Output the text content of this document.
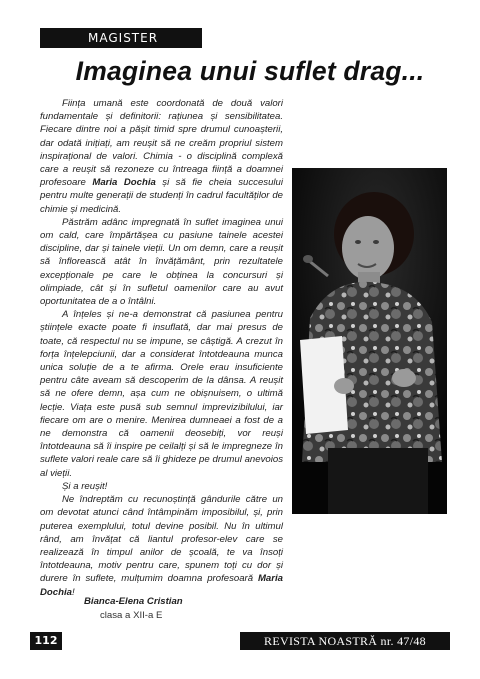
MAGISTER
Imaginea unui suflet drag...

Ființa umană este coordonată de două valori fundamentale și definitorii: rațiunea și sensibilitatea. Fiecare dintre noi a pășit timid spre drumul cunoașterii, dar odată inițiați, am reușit să ne creăm propriul sistem inspirațional de valori. Chimia - o disciplină complexă care a reușit să rezoneze cu întreaga ființă a doamnei profesoare Maria Dochia și să fie cheia succesului pentru multe generații de studenți în cadrul facultăților de chimie și medicină.

Păstrăm adânc impregnată în suflet imaginea unui om cald, care împărtășea cu pasiune tainele acestei discipline, dar și tainele vieții. Un om demn, care a reușit să înflorească atât în învățământ, prin rezultatele excepționale pe care le obținea la concursuri și olimpiade, cât și în sufletul oamenilor care au avut oportunitatea de a o întâlni.

A înțeles și ne-a demonstrat că pasiunea pentru științele exacte poate fi insuflată, dar mai presus de toate, că respectul nu se impune, se câștigă. A crezut în forța înțelepciunii, dar a considerat întotdeauna munca unica soluție de a te afirma. Orele erau insuficiente pentru câte aveam să descoperim de la dânsa. A reușit să ne ofere demn, așa cum ne obișnuisem, o ultimă lecție. Viața este pusă sub semnul imprevizibilului, iar fiecare om are o menire. Menirea dumneaei a fost de a ne demonstra că oamenii deosebiți, vor reuși întotdeauna să îi inspire pe ceilalți și să le impregneze în suflete valori reale care să îi ghideze pe drumul anevoios al vieții.

Și a reușit!

Ne îndreptăm cu recunoștință gândurile către un om devotat atunci când întâmpinăm imposibilul, și, prin puterea exemplului, totul devine posibil. Nu în ultimul rând, am învățat că liantul profesor-elev care se realizează în timpul anilor de școală, te va însoți întotdeauna, motiv pentru care, spunem toți cu dor și durere în suflete, mulțumim doamna profesoară Maria Dochia!

Bianca-Elena Cristian
clasa a XII-a E
112	REVISTA NOASTRĂ nr. 47/48
